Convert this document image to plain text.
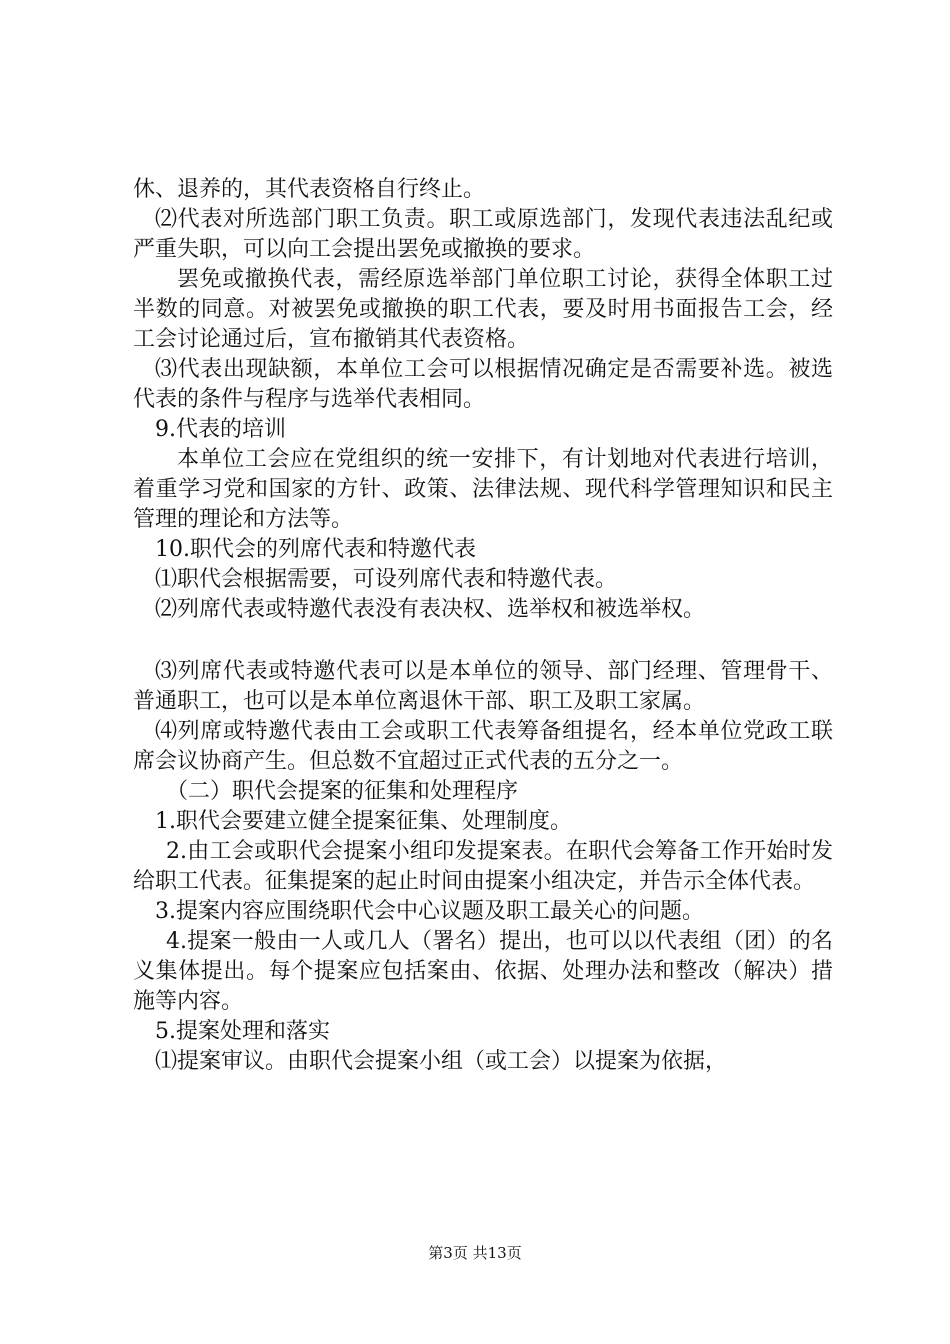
休、退养的，其代表资格自行终止。

⑵代表对所选部门职工负责。职工或原选部门，发现代表违法乱纪或严重失职，可以向工会提出罢免或撤换的要求。

罢免或撤换代表，需经原选举部门单位职工讨论，获得全体职工过半数的同意。对被罢免或撤换的职工代表，要及时用书面报告工会，经工会讨论通过后，宣布撤销其代表资格。

⑶代表出现缺额，本单位工会可以根据情况确定是否需要补选。被选代表的条件与程序与选举代表相同。

9.代表的培训

本单位工会应在党组织的统一安排下，有计划地对代表进行培训，着重学习党和国家的方针、政策、法律法规、现代科学管理知识和民主管理的理论和方法等。

10.职代会的列席代表和特邀代表

⑴职代会根据需要，可设列席代表和特邀代表。

⑵列席代表或特邀代表没有表决权、选举权和被选举权。

⑶列席代表或特邀代表可以是本单位的领导、部门经理、管理骨干、普通职工，也可以是本单位离退休干部、职工及职工家属。

⑷列席或特邀代表由工会或职工代表筹备组提名，经本单位党政工联席会议协商产生。但总数不宜超过正式代表的五分之一。

（二）职代会提案的征集和处理程序

1.职代会要建立健全提案征集、处理制度。

2.由工会或职代会提案小组印发提案表。在职代会筹备工作开始时发给职工代表。征集提案的起止时间由提案小组决定，并告示全体代表。

3.提案内容应围绕职代会中心议题及职工最关心的问题。

4.提案一般由一人或几人（署名）提出，也可以以代表组（团）的名义集体提出。每个提案应包括案由、依据、处理办法和整改（解决）措施等内容。

5.提案处理和落实

⑴提案审议。由职代会提案小组（或工会）以提案为依据，

第3页 共13页
